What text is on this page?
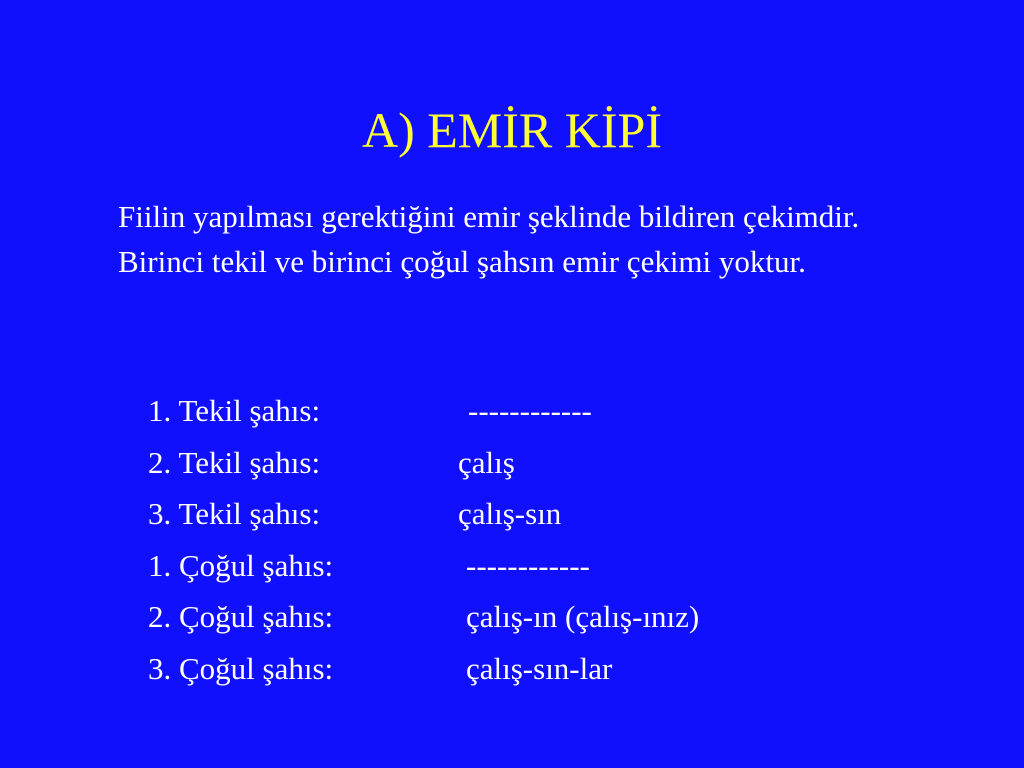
A) EMİR KİPİ
Fiilin yapılması gerektiğini emir şeklinde bildiren çekimdir. Birinci tekil ve birinci çoğul şahsın emir çekimi yoktur.
1. Tekil şahıs:	------------
2. Tekil şahıs:	çalış
3. Tekil şahıs:	çalış-sın
1. Çoğul şahıs:	------------
2. Çoğul şahıs:	çalış-ın (çalış-ınız)
3. Çoğul şahıs:	çalış-sın-lar
